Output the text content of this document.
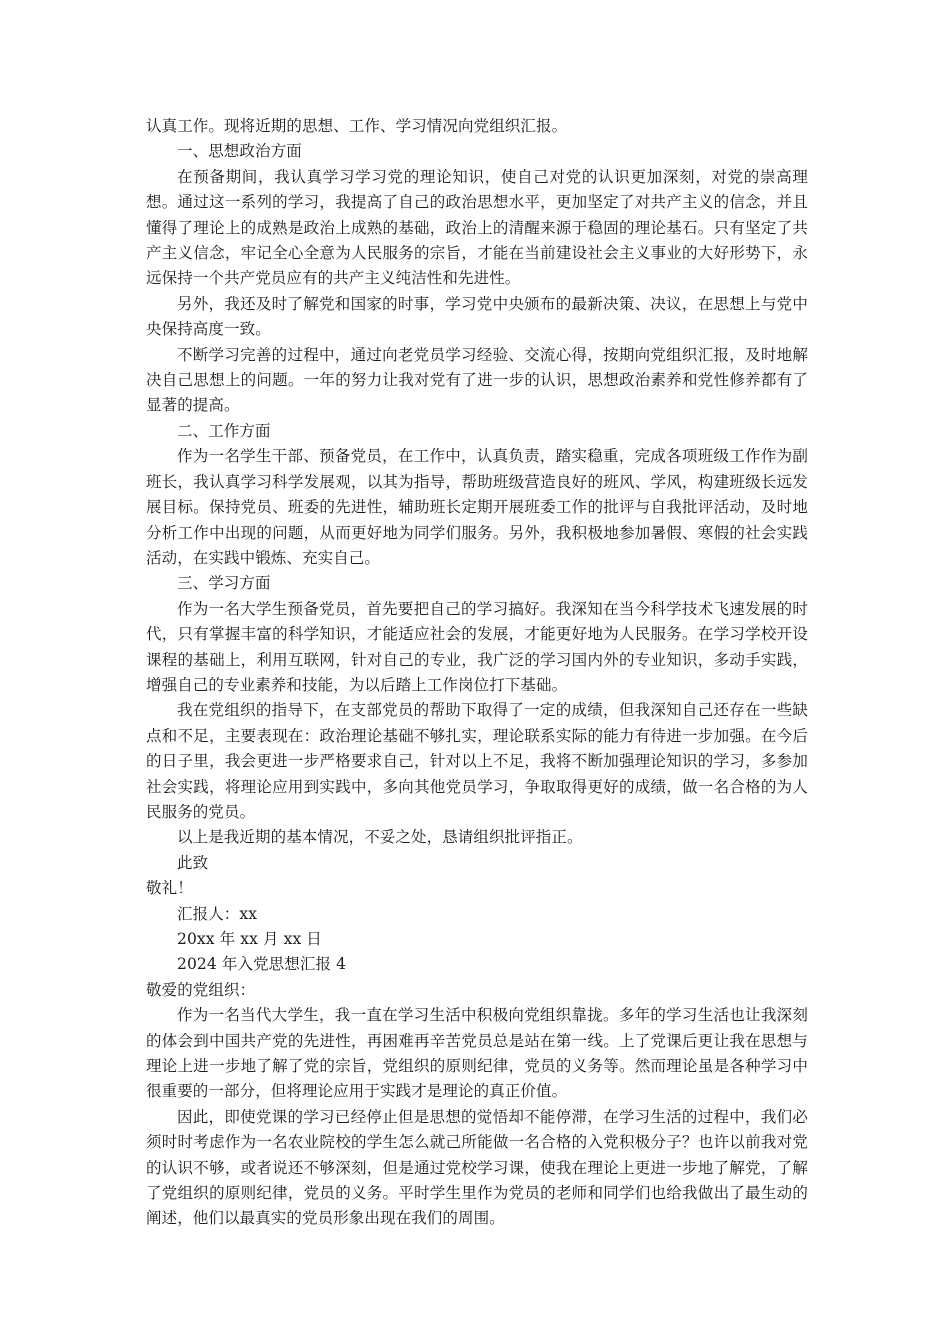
认真工作。现将近期的思想、工作、学习情况向党组织汇报。

一、思想政治方面

在预备期间，我认真学习学习党的理论知识，使自己对党的认识更加深刻，对党的崇高理想。通过这一系列的学习，我提高了自己的政治思想水平，更加坚定了对共产主义的信念，并且懂得了理论上的成熟是政治上成熟的基础，政治上的清醒来源于稳固的理论基石。只有坚定了共产主义信念，牢记全心全意为人民服务的宗旨，才能在当前建设社会主义事业的大好形势下，永远保持一个共产党员应有的共产主义纯洁性和先进性。

另外，我还及时了解党和国家的时事，学习党中央颁布的最新决策、决议，在思想上与党中央保持高度一致。

不断学习完善的过程中，通过向老党员学习经验、交流心得，按期向党组织汇报，及时地解决自己思想上的问题。一年的努力让我对党有了进一步的认识，思想政治素养和党性修养都有了显著的提高。

二、工作方面

作为一名学生干部、预备党员，在工作中，认真负责，踏实稳重，完成各项班级工作作为副班长，我认真学习科学发展观，以其为指导，帮助班级营造良好的班风、学风，构建班级长远发展目标。保持党员、班委的先进性，辅助班长定期开展班委工作的批评与自我批评活动，及时地分析工作中出现的问题，从而更好地为同学们服务。另外，我积极地参加暑假、寒假的社会实践活动，在实践中锻炼、充实自己。

三、学习方面

作为一名大学生预备党员，首先要把自己的学习搞好。我深知在当今科学技术飞速发展的时代，只有掌握丰富的科学知识，才能适应社会的发展，才能更好地为人民服务。在学习学校开设课程的基础上，利用互联网，针对自己的专业，我广泛的学习国内外的专业知识，多动手实践，增强自己的专业素养和技能，为以后踏上工作岗位打下基础。

我在党组织的指导下，在支部党员的帮助下取得了一定的成绩，但我深知自己还存在一些缺点和不足，主要表现在：政治理论基础不够扎实，理论联系实际的能力有待进一步加强。在今后的日子里，我会更进一步严格要求自己，针对以上不足，我将不断加强理论知识的学习，多参加社会实践，将理论应用到实践中，多向其他党员学习，争取取得更好的成绩，做一名合格的为人民服务的党员。

以上是我近期的基本情况，不妥之处，恳请组织批评指正。

此致

敬礼！

汇报人：xx

20xx 年 xx 月 xx 日

2024 年入党思想汇报 4

敬爱的党组织：

作为一名当代大学生，我一直在学习生活中积极向党组织靠拢。多年的学习生活也让我深刻的体会到中国共产党的先进性，再困难再辛苦党员总是站在第一线。上了党课后更让我在思想与理论上进一步地了解了党的宗旨，党组织的原则纪律，党员的义务等。然而理论虽是各种学习中很重要的一部分，但将理论应用于实践才是理论的真正价值。

因此，即使党课的学习已经停止但是思想的觉悟却不能停滞，在学习生活的过程中，我们必须时时考虑作为一名农业院校的学生怎么就己所能做一名合格的入党积极分子？也许以前我对党的认识不够，或者说还不够深刻，但是通过党校学习课，使我在理论上更进一步地了解党，了解了党组织的原则纪律，党员的义务。平时学生里作为党员的老师和同学们也给我做出了最生动的阐述，他们以最真实的党员形象出现在我们的周围。
